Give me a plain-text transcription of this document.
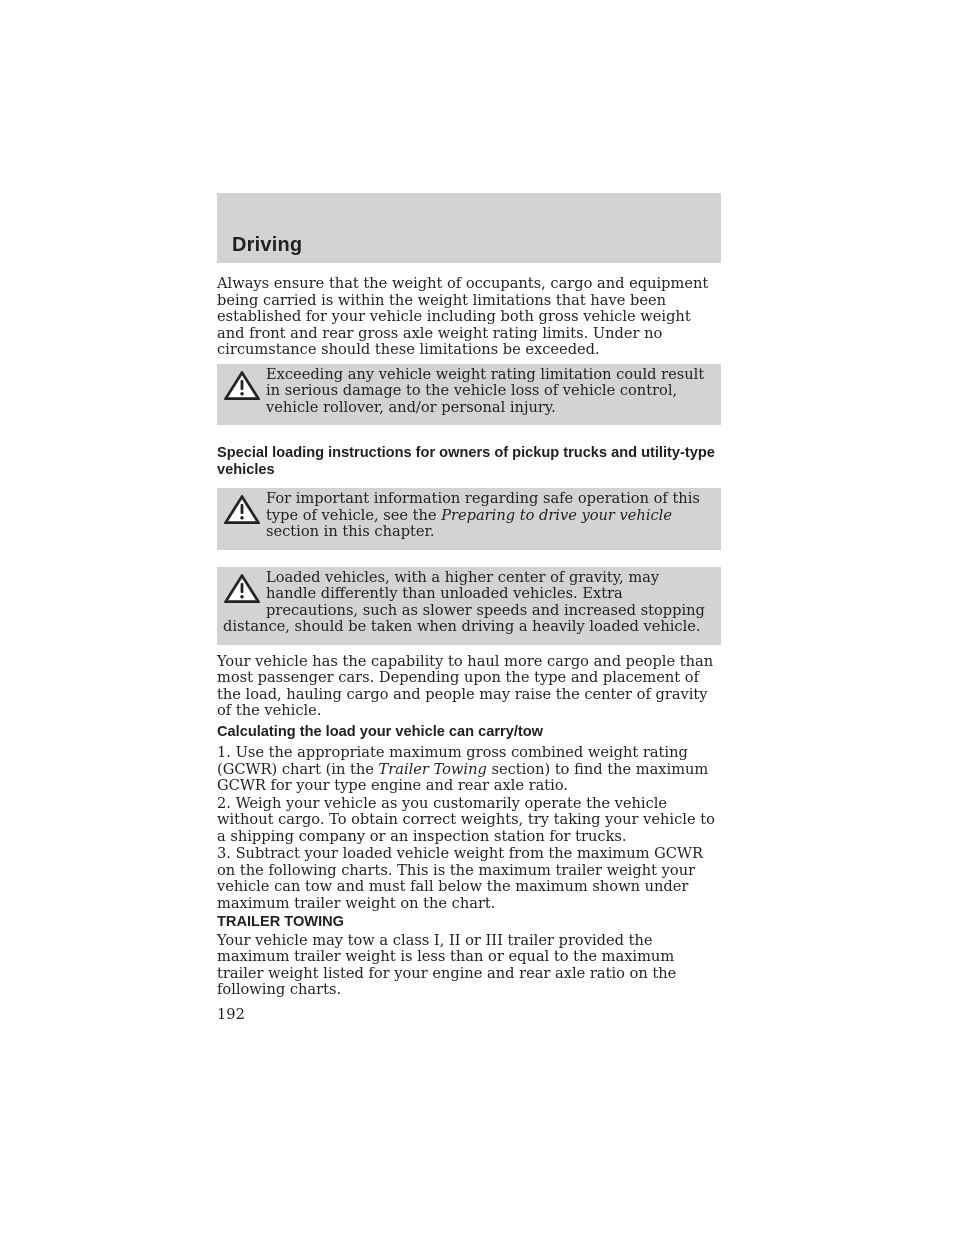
Driving

Always ensure that the weight of occupants, cargo and equipment being carried is within the weight limitations that have been established for your vehicle including both gross vehicle weight and front and rear gross axle weight rating limits. Under no circumstance should these limitations be exceeded.

Exceeding any vehicle weight rating limitation could result in serious damage to the vehicle loss of vehicle control, vehicle rollover, and/or personal injury.

Special loading instructions for owners of pickup trucks and utility-type vehicles

For important information regarding safe operation of this type of vehicle, see the Preparing to drive your vehicle section in this chapter.
Loaded vehicles, with a higher center of gravity, may handle differently than unloaded vehicles. Extra precautions, such as slower speeds and increased stopping distance, should be taken when driving a heavily loaded vehicle.

Your vehicle has the capability to haul more cargo and people than most passenger cars. Depending upon the type and placement of the load, hauling cargo and people may raise the center of gravity of the vehicle.

Calculating the load your vehicle can carry/tow

1. Use the appropriate maximum gross combined weight rating (GCWR) chart (in the Trailer Towing section) to find the maximum GCWR for your type engine and rear axle ratio.

2. Weigh your vehicle as you customarily operate the vehicle without cargo. To obtain correct weights, try taking your vehicle to a shipping company or an inspection station for trucks.

3. Subtract your loaded vehicle weight from the maximum GCWR on the following charts. This is the maximum trailer weight your vehicle can tow and must fall below the maximum shown under maximum trailer weight on the chart.

TRAILER TOWING

Your vehicle may tow a class I, II or III trailer provided the maximum trailer weight is less than or equal to the maximum trailer weight listed for your engine and rear axle ratio on the following charts.

192
